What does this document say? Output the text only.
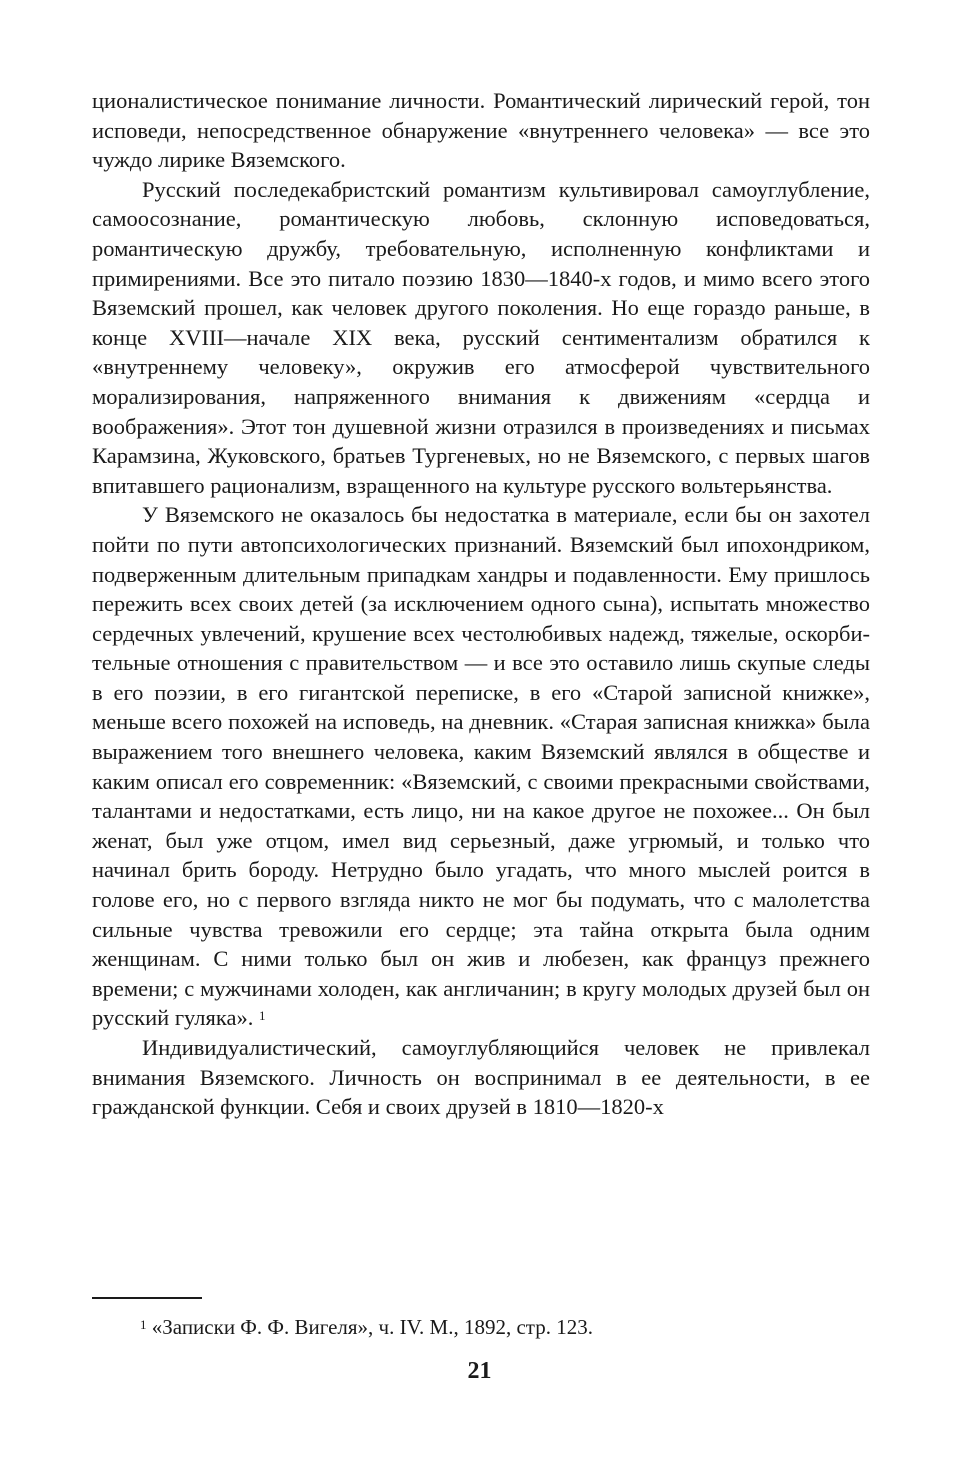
ционалистическое понимание личности. Романтический лирический герой, тон исповеди, непосредственное обнаружение «внутреннего человека» — все это чуждо лирике Вяземского.

Русский последекабристский романтизм культивировал самоуглубление, самоосознание, романтическую любовь, склонную исповедоваться, романтическую дружбу, требовательную, исполненную конфликтами и примирениями. Все это питало поэзию 1830—1840-х годов, и мимо всего этого Вяземский прошел, как человек другого поколения. Но еще гораздо раньше, в конце XVIII—начале XIX века, русский сентиментализм обратился к «внутреннему человеку», окружив его атмосферой чувствительного морализирования, напряженного внимания к движениям «сердца и воображения». Этот тон душевной жизни отразился в произведениях и письмах Карамзина, Жуковского, братьев Тургеневых, но не Вяземского, с первых шагов впитавшего рационализм, взращенного на культуре русского вольтерьянства.

У Вяземского не оказалось бы недостатка в материале, если бы он захотел пойти по пути автопсихологических признаний. Вяземский был ипохондриком, подверженным длительным припадкам хандры и подавленности. Ему пришлось пережить всех своих детей (за исключением одного сына), испытать множество сердечных увлечений, крушение всех честолюбивых надежд, тяжелые, оскорбительные отношения с правительством — и все это оставило лишь скупые следы в его поэзии, в его гигантской переписке, в его «Старой записной книжке», меньше всего похожей на исповедь, на дневник. «Старая записная книжка» была выражением того внешнего человека, каким Вяземский являлся в обществе и каким описал его современник: «Вяземский, с своими прекрасными свойствами, талантами и недостатками, есть лицо, ни на какое другое не похожее... Он был женат, был уже отцом, имел вид серьезный, даже угрюмый, и только что начинал брить бороду. Нетрудно было угадать, что много мыслей роится в голове его, но с первого взгляда никто не мог бы подумать, что с малолетства сильные чувства тревожили его сердце; эта тайна открыта была одним женщинам. С ними только был он жив и любезен, как француз прежнего времени; с мужчинами холоден, как англичанин; в кругу молодых друзей был он русский гуляка». $^1$

Индивидуалистический, самоуглубляющийся человек не привлекал внимания Вяземского. Личность он воспринимал в ее деятельности, в ее гражданской функции. Себя и своих друзей в 1810—1820-х

$^1$ «Записки Ф. Ф. Вигеля», ч. IV. М., 1892, стр. 123.
21
